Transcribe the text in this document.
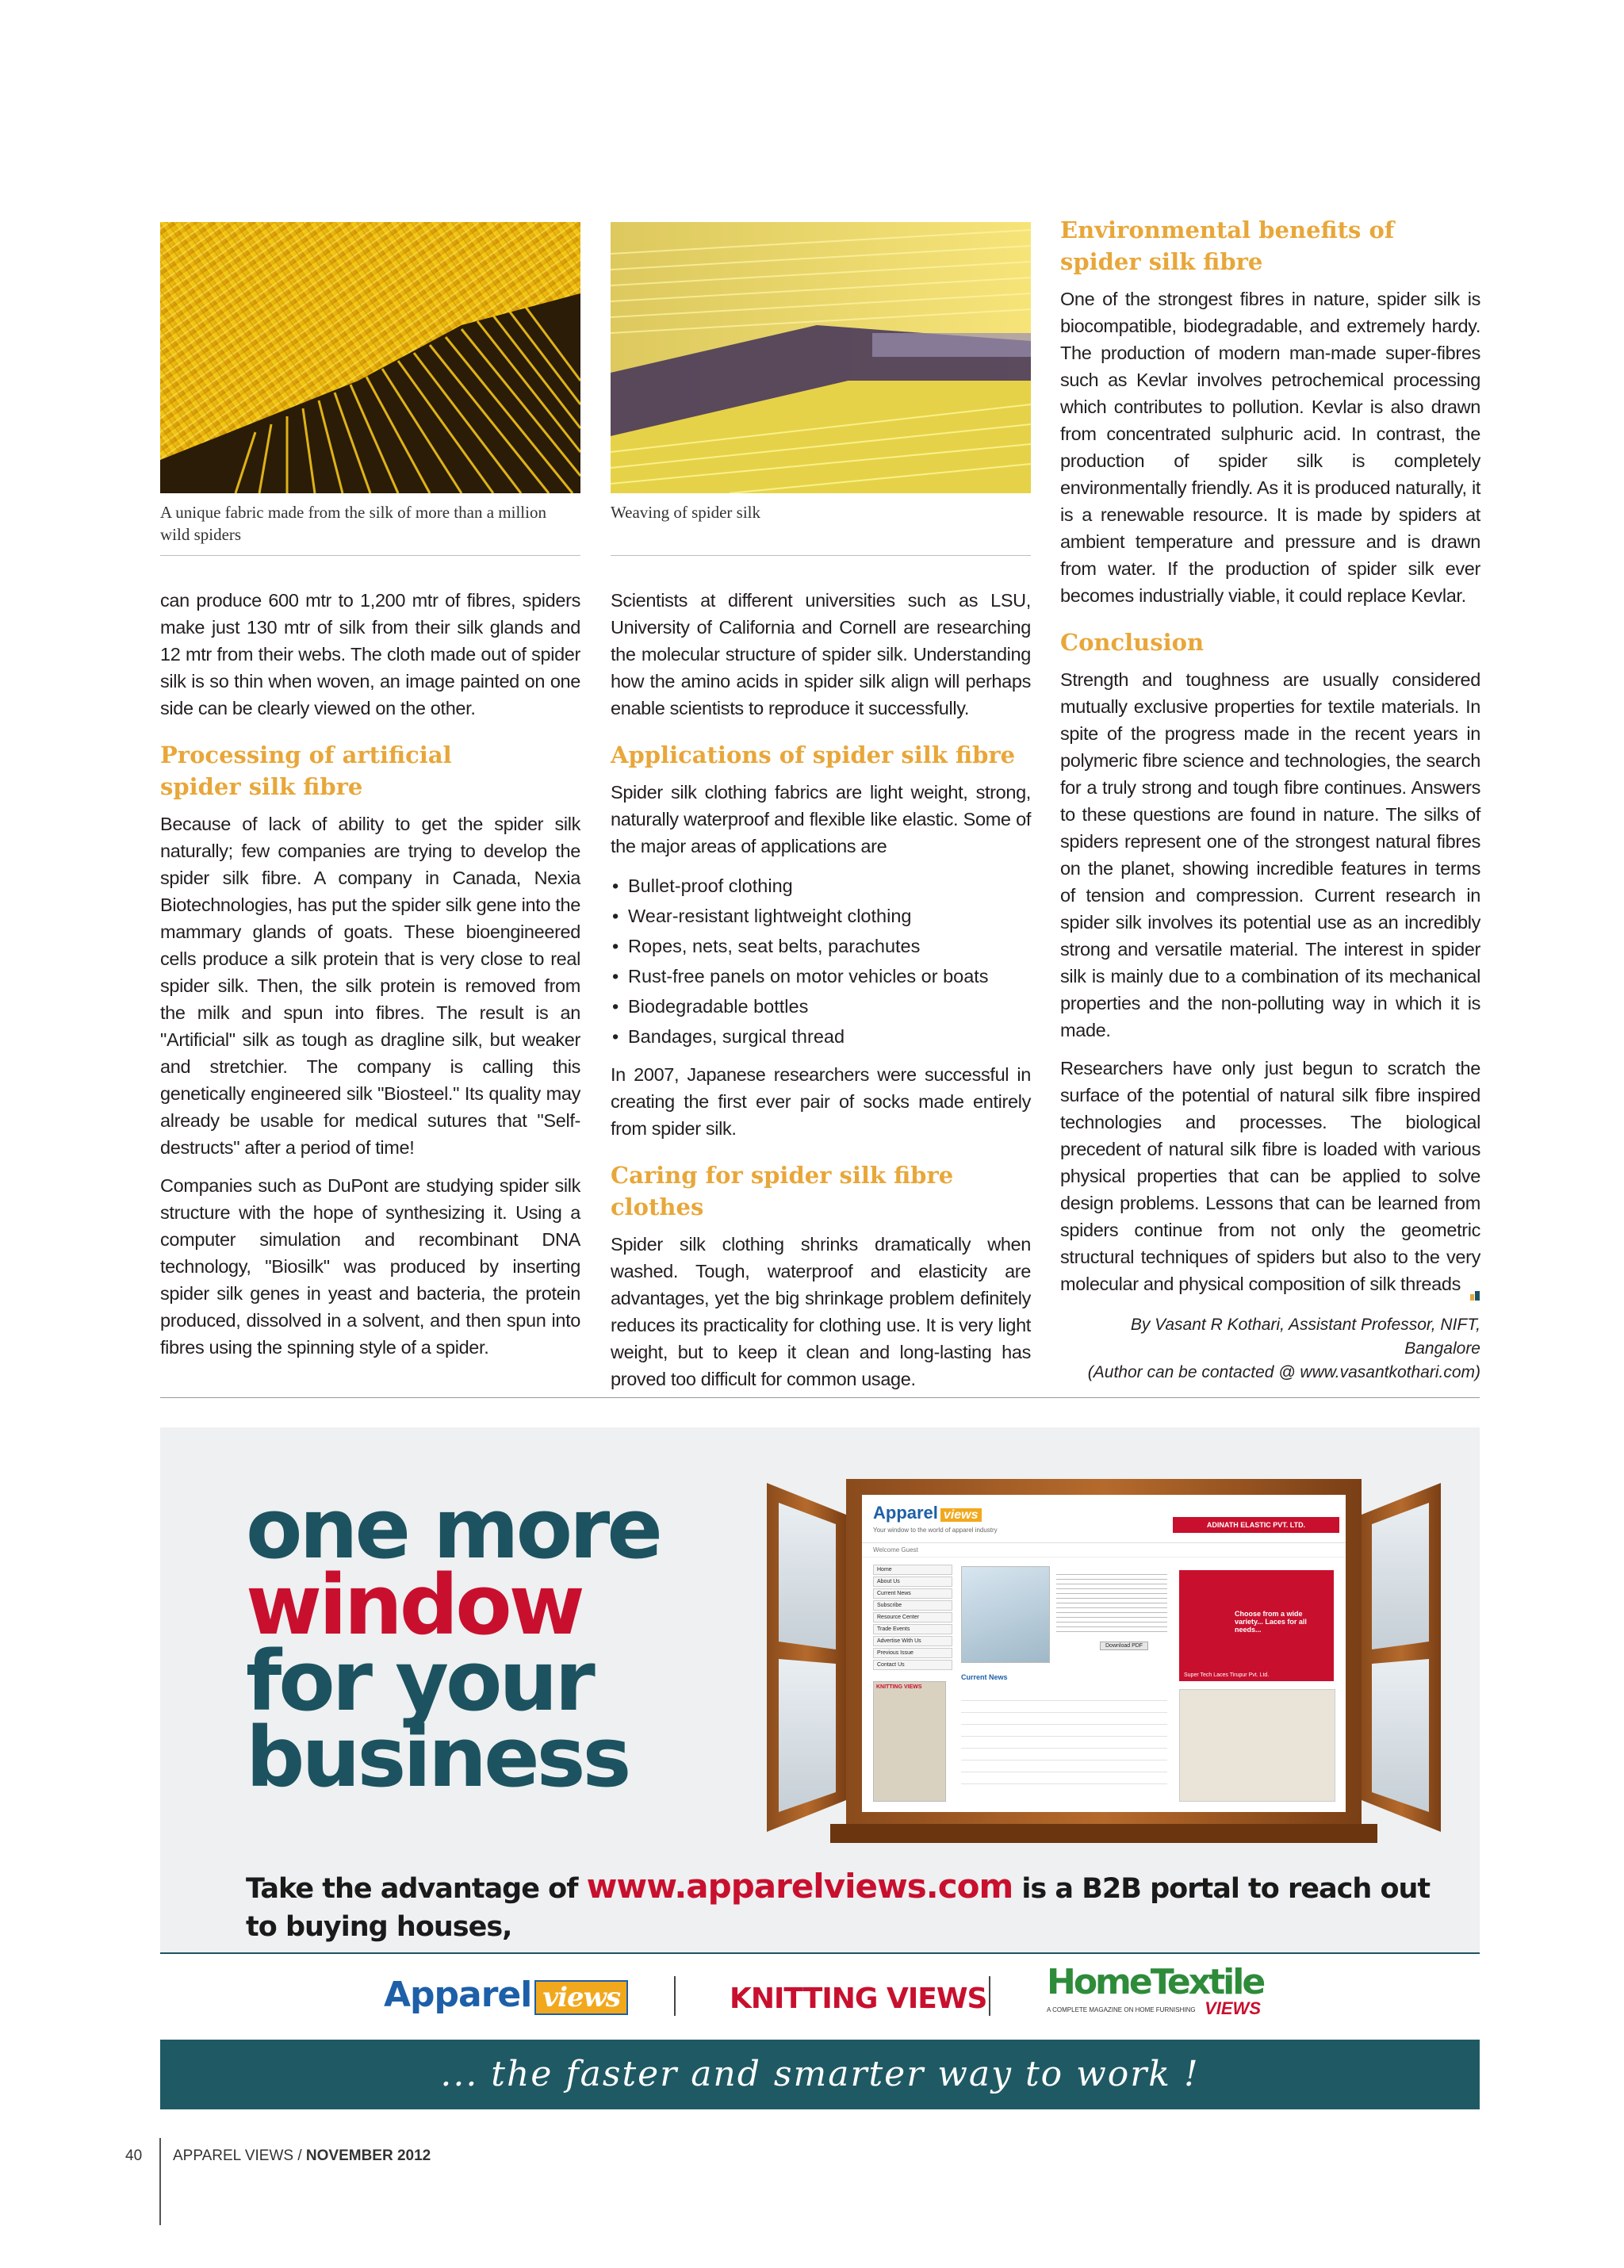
A unique fabric made from the silk of more than a million wild spiders
Weaving of spider silk

can produce 600 mtr to 1,200 mtr of fibres, spiders make just 130 mtr of silk from their silk glands and 12 mtr from their webs. The cloth made out of spider silk is so thin when woven, an image painted on one side can be clearly viewed on the other.

Processing of artificial spider silk fibre

Because of lack of ability to get the spider silk naturally; few companies are trying to develop the spider silk fibre. A company in Canada, Nexia Biotechnologies, has put the spider silk gene into the mammary glands of goats. These bioengineered cells produce a silk protein that is very close to real spider silk. Then, the silk protein is removed from the milk and spun into fibres. The result is an "Artificial" silk as tough as dragline silk, but weaker and stretchier. The company is calling this genetically engineered silk "Biosteel." Its quality may already be usable for medical sutures that "Self-destructs" after a period of time!

Companies such as DuPont are studying spider silk structure with the hope of synthesizing it. Using a computer simulation and recombinant DNA technology, "Biosilk" was produced by inserting spider silk genes in yeast and bacteria, the protein produced, dissolved in a solvent, and then spun into fibres using the spinning style of a spider.

Scientists at different universities such as LSU, University of California and Cornell are researching the molecular structure of spider silk. Understanding how the amino acids in spider silk align will perhaps enable scientists to reproduce it successfully.

Applications of spider silk fibre

Spider silk clothing fabrics are light weight, strong, naturally waterproof and flexible like elastic. Some of the major areas of applications are

• Bullet-proof clothing
• Wear-resistant lightweight clothing
• Ropes, nets, seat belts, parachutes
• Rust-free panels on motor vehicles or boats
• Biodegradable bottles
• Bandages, surgical thread

In 2007, Japanese researchers were successful in creating the first ever pair of socks made entirely from spider silk.

Caring for spider silk fibre clothes

Spider silk clothing shrinks dramatically when washed. Tough, waterproof and elasticity are advantages, yet the big shrinkage problem definitely reduces its practicality for clothing use. It is very light weight, but to keep it clean and long-lasting has proved too difficult for common usage.

Environmental benefits of spider silk fibre

One of the strongest fibres in nature, spider silk is biocompatible, biodegradable, and extremely hardy. The production of modern man-made super-fibres such as Kevlar involves petrochemical processing which contributes to pollution. Kevlar is also drawn from concentrated sulphuric acid. In contrast, the production of spider silk is completely environmentally friendly. As it is produced naturally, it is a renewable resource. It is made by spiders at ambient temperature and pressure and is drawn from water. If the production of spider silk ever becomes industrially viable, it could replace Kevlar.

Conclusion

Strength and toughness are usually considered mutually exclusive properties for textile materials. In spite of the progress made in the recent years in polymeric fibre science and technologies, the search for a truly strong and tough fibre continues. Answers to these questions are found in nature. The silks of spiders represent one of the strongest natural fibres on the planet, showing incredible features in terms of tension and compression. Current research in spider silk involves its potential use as an incredibly strong and versatile material. The interest in spider silk is mainly due to a combination of its mechanical properties and the non-polluting way in which it is made.

Researchers have only just begun to scratch the surface of the potential of natural silk fibre inspired technologies and processes. The biological precedent of natural silk fibre is loaded with various physical properties that can be applied to solve design problems. Lessons that can be learned from spiders continue from not only the geometric structural techniques of spiders but also to the very molecular and physical composition of silk threads

By Vasant R Kothari, Assistant Professor, NIFT, Bangalore
(Author can be contacted @ www.vasantkothari.com)
one more
window
for your
business
Apparel views
Your window to the world of apparel industry
ADINATH ELASTIC PVT. LTD.
Welcome Guest
Home
About Us
Current News
Subscribe
Resource Center
Trade Events
Advertise With Us
Previous Issue
Contact Us
KNITTING VIEWS
Download PDF
Current News
Choose from a wide variety... Laces for all needs...
Super Tech Laces Tirupur Pvt. Ltd.
Take the advantage of www.apparelviews.com is a B2B portal to reach out to buying houses,

Apparel views	KNITTING VIEWS HomeTextile
A COMPLETE MAGAZINE ON HOME FURNISHING VIEWS
... the faster and smarter way to work !
40 APPAREL VIEWS / NOVEMBER 2012
